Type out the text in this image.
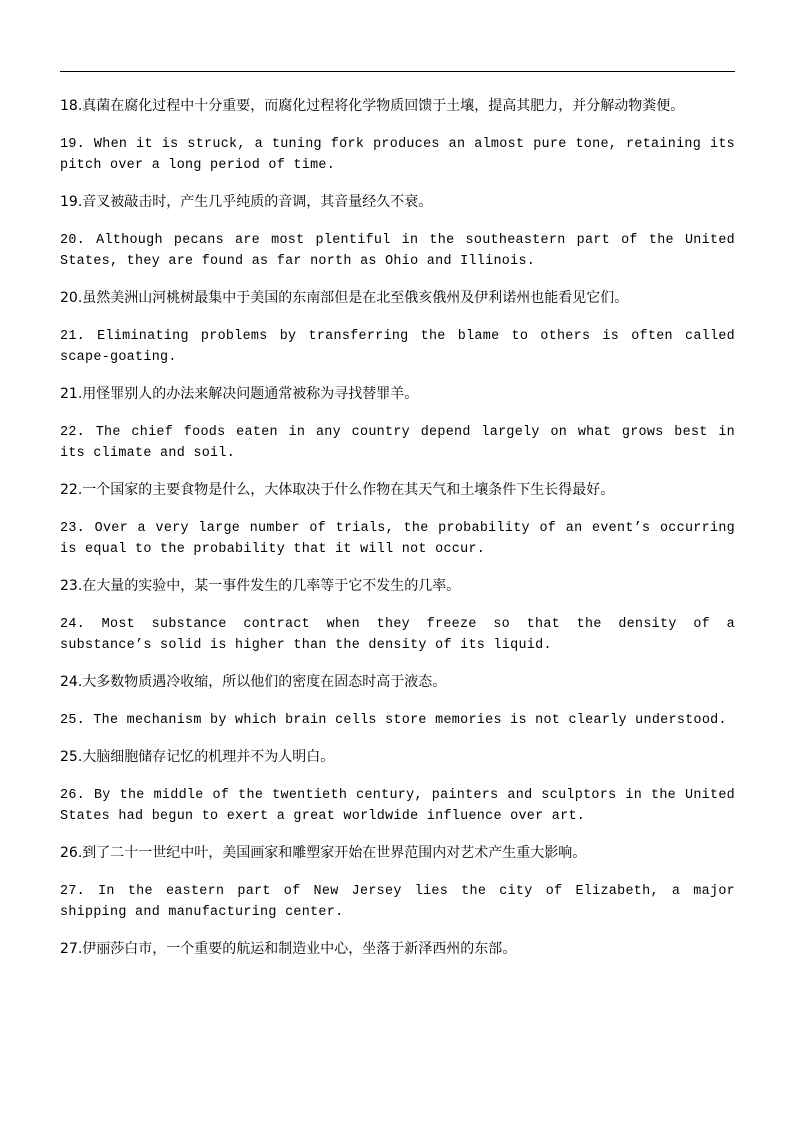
18.真菌在腐化过程中十分重要，而腐化过程将化学物质回馈于土壤，提高其肥力，并分解动物粪便。

19. When it is struck, a tuning fork produces an almost pure tone, retaining its pitch over a long period of time.

19.音叉被敲击时，产生几乎纯质的音调，其音量经久不衰。

20. Although pecans are most plentiful in the southeastern part of the United States, they are found as far north as Ohio and Illinois.

20.虽然美洲山河桃树最集中于美国的东南部但是在北至俄亥俄州及伊利诺州也能看见它们。

21. Eliminating problems by transferring the blame to others is often called scape-goating.

21.用怪罪别人的办法来解决问题通常被称为寻找替罪羊。

22. The chief foods eaten in any country depend largely on what grows best in its climate and soil.

22.一个国家的主要食物是什么，大体取决于什么作物在其天气和土壤条件下生长得最好。

23. Over a very large number of trials, the probability of an event’s occurring is equal to the probability that it will not occur.

23.在大量的实验中，某一事件发生的几率等于它不发生的几率。

24. Most substance contract when they freeze so that the density of a substance’s solid is higher than the density of its liquid.

24.大多数物质遇冷收缩，所以他们的密度在固态时高于液态。

25. The mechanism by which brain cells store memories is not clearly understood.

25.大脑细胞储存记忆的机理并不为人明白。

26. By the middle of the twentieth century, painters and sculptors in the United States had begun to exert a great worldwide influence over art.

26.到了二十一世纪中叶，美国画家和雕塑家开始在世界范围内对艺术产生重大影响。

27. In the eastern part of New Jersey lies the city of Elizabeth, a major shipping and manufacturing center.

27.伊丽莎白市，一个重要的航运和制造业中心，坐落于新泽西州的东部。
